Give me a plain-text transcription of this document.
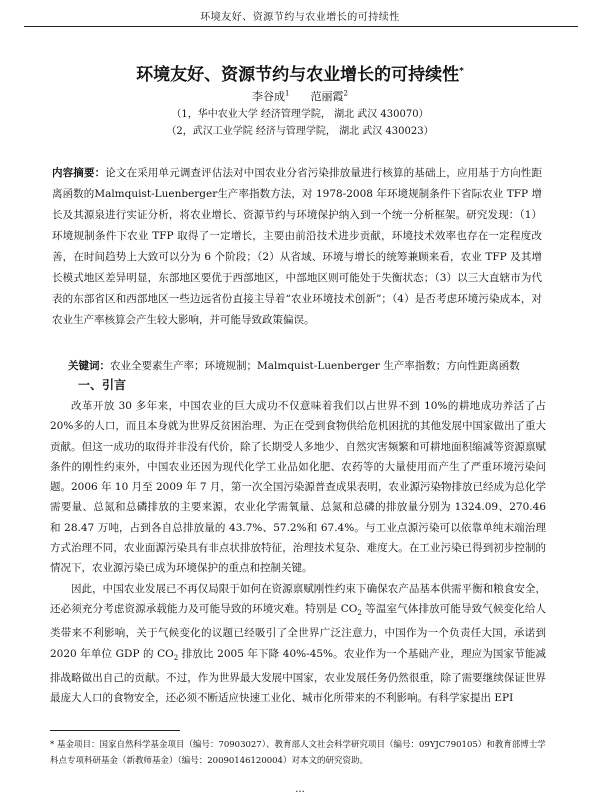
环境友好、资源节约与农业增长的可持续性
环境友好、资源节约与农业增长的可持续性*
李谷成$^1$ 范丽霞$^2$
（1，华中农业大学 经济管理学院， 湖北 武汉 430070）
（2，武汉工业学院 经济与管理学院， 湖北 武汉 430023）
内容摘要：论文在采用单元调查评估法对中国农业分省污染排放量进行核算的基础上，应用基于方向性距离函数的Malmquist-Luenberger生产率指数方法，对 1978-2008 年环境规制条件下省际农业 TFP 增长及其源泉进行实证分析，将农业增长、资源节约与环境保护纳入到一个统一分析框架。研究发现：（1）环境规制条件下农业 TFP 取得了一定增长，主要由前沿技术进步贡献，环境技术效率也存在一定程度改善，在时间趋势上大致可以分为 6 个阶段；（2）从省域、环境与增长的统筹兼顾来看，农业 TFP 及其增长模式地区差异明显，东部地区要优于西部地区，中部地区则可能处于失衡状态；（3）以三大直辖市为代表的东部省区和西部地区一些边远省份直接主导着“农业环境技术创新”；（4）是否考虑环境污染成本，对农业生产率核算会产生较大影响，并可能导致政策偏误。
关键词：农业全要素生产率；环境规制；Malmquist-Luenberger 生产率指数；方向性距离函数
一、引言

改革开放 30 多年来，中国农业的巨大成功不仅意味着我们以占世界不到 10%的耕地成功养活了占 20%多的人口，而且本身就为世界反贫困治理、为正在受到食物供给危机困扰的其他发展中国家做出了重大贡献。但这一成功的取得并非没有代价，除了长期受人多地少、自然灾害频繁和可耕地面积缩减等资源禀赋条件的刚性约束外，中国农业还因为现代化学工业品如化肥、农药等的大量使用而产生了严重环境污染问题。2006 年 10 月至 2009 年 7 月，第一次全国污染源普查成果表明，农业源污染物排放已经成为总化学需要量、总氮和总磷排放的主要来源，农业化学需氧量、总氮和总磷的排放量分别为 1324.09、270.46 和 28.47 万吨，占到各自总排放量的 43.7%、57.2%和 67.4%。与工业点源污染可以依靠单纯末端治理方式治理不同，农业面源污染具有非点状排放特征，治理技术复杂、难度大。在工业污染已得到初步控制的情况下，农业源污染已成为环境保护的重点和控制关键。

因此，中国农业发展已不再仅局限于如何在资源禀赋刚性约束下确保农产品基本供需平衡和粮食安全，还必须充分考虑资源承载能力及可能导致的环境灾难。特别是 $CO_2$ 等温室气体排放可能导致气候变化给人类带来不利影响，关于气候变化的议题已经吸引了全世界广泛注意力，中国作为一个负责任大国，承诺到 2020 年单位 GDP 的 $CO_2$ 排放比 2005 年下降 40%-45%。农业作为一个基础产业，理应为国家节能减排战略做出自己的贡献。不过，作为世界最大发展中国家，农业发展任务仍然很重，除了需要继续保证世界最庞大人口的食物安全，还必须不断适应快速工业化、城市化所带来的不利影响。有科学家提出 EPI

* 基金项目：国家自然科学基金项目（编号：70903027）、教育部人文社会科学研究项目（编号：09YJC790105）和教育部博士学科点专项科研基金（新教师基金）（编号：20090146120004）对本文的研究资助。
...
